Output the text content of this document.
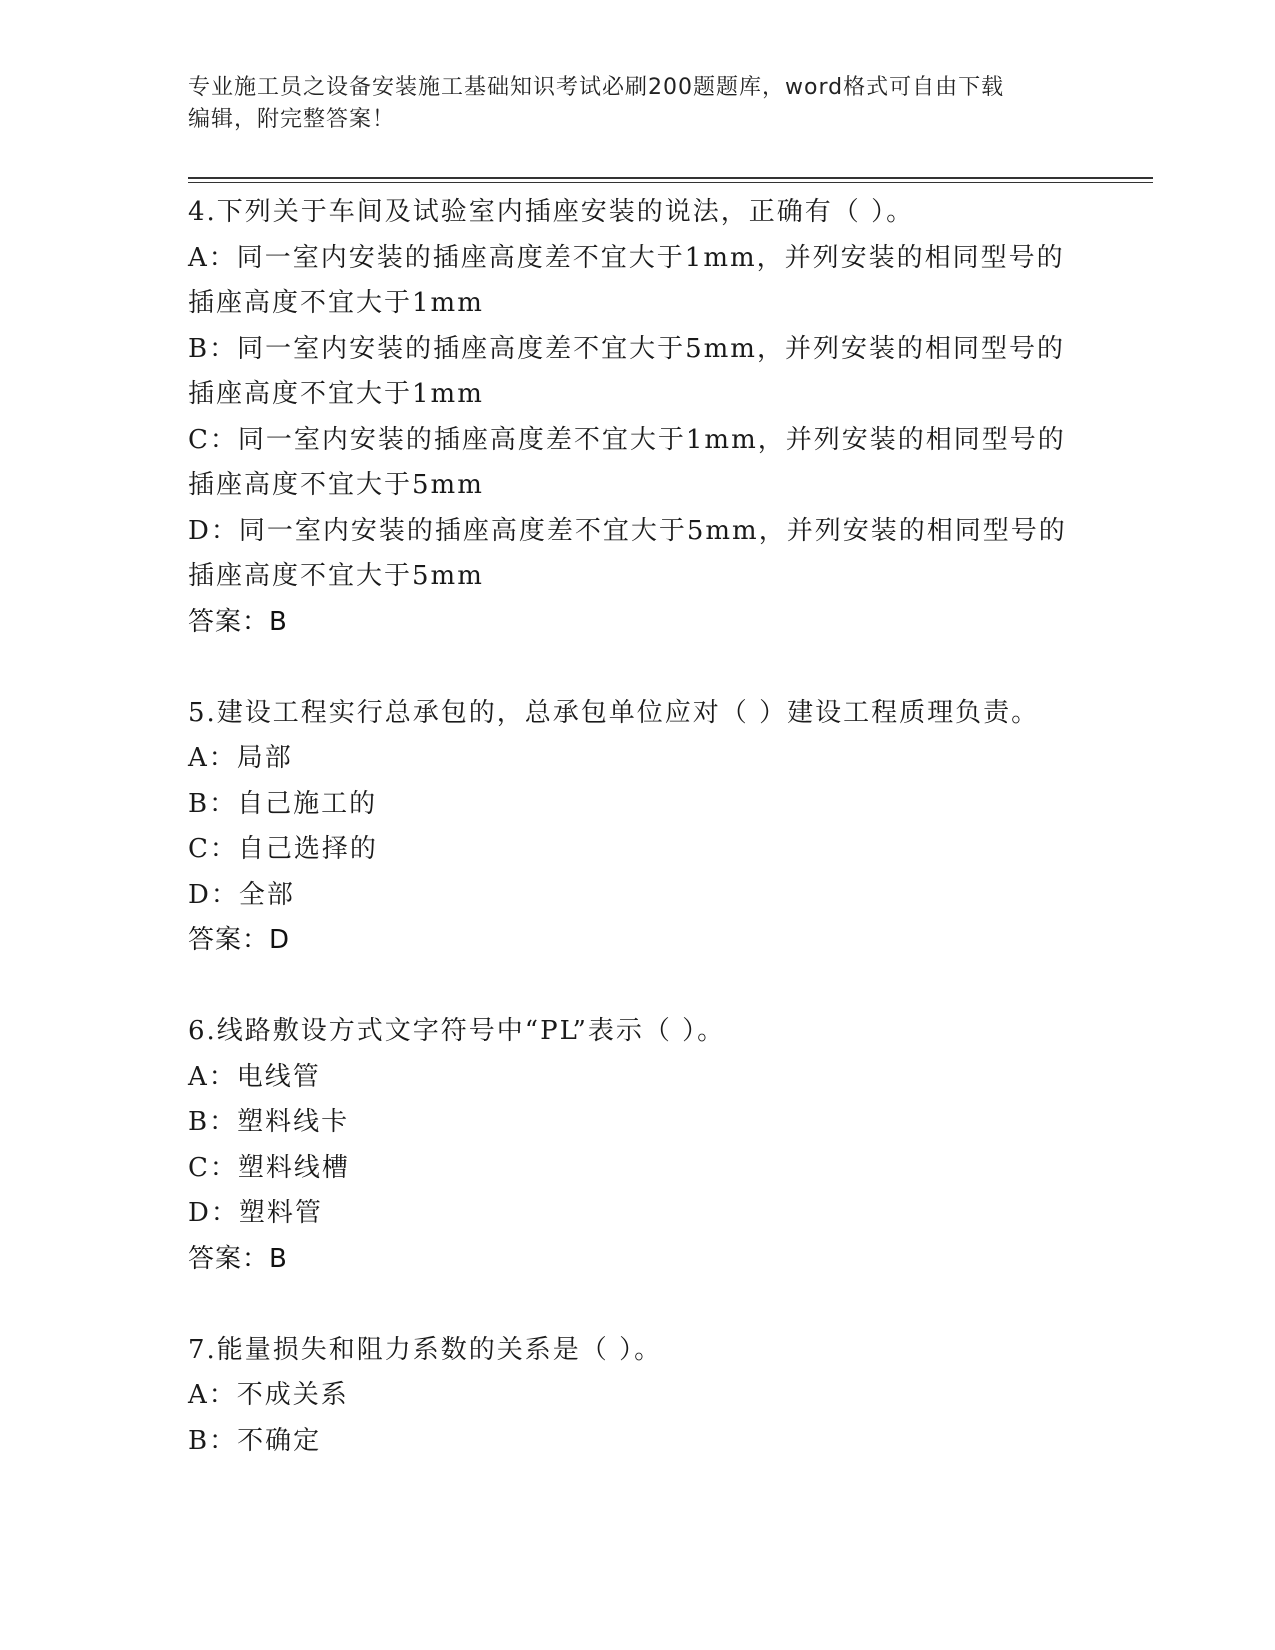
专业施工员之设备安装施工基础知识考试必刷200题题库，word格式可自由下载
编辑，附完整答案！

4.下列关于车间及试验室内插座安装的说法，正确有（ ）。

A：同一室内安装的插座高度差不宜大于1mm，并列安装的相同型号的

插座高度不宜大于1mm

B：同一室内安装的插座高度差不宜大于5mm，并列安装的相同型号的

插座高度不宜大于1mm

C：同一室内安装的插座高度差不宜大于1mm，并列安装的相同型号的

插座高度不宜大于5mm

D：同一室内安装的插座高度差不宜大于5mm，并列安装的相同型号的

插座高度不宜大于5mm

答案：B

5.建设工程实行总承包的，总承包单位应对（ ）建设工程质理负责。

A：局部

B：自己施工的

C：自己选择的

D：全部

答案：D

6.线路敷设方式文字符号中“PL”表示（ ）。

A：电线管

B：塑料线卡

C：塑料线槽

D：塑料管

答案：B

7.能量损失和阻力系数的关系是（ ）。

A：不成关系

B：不确定
